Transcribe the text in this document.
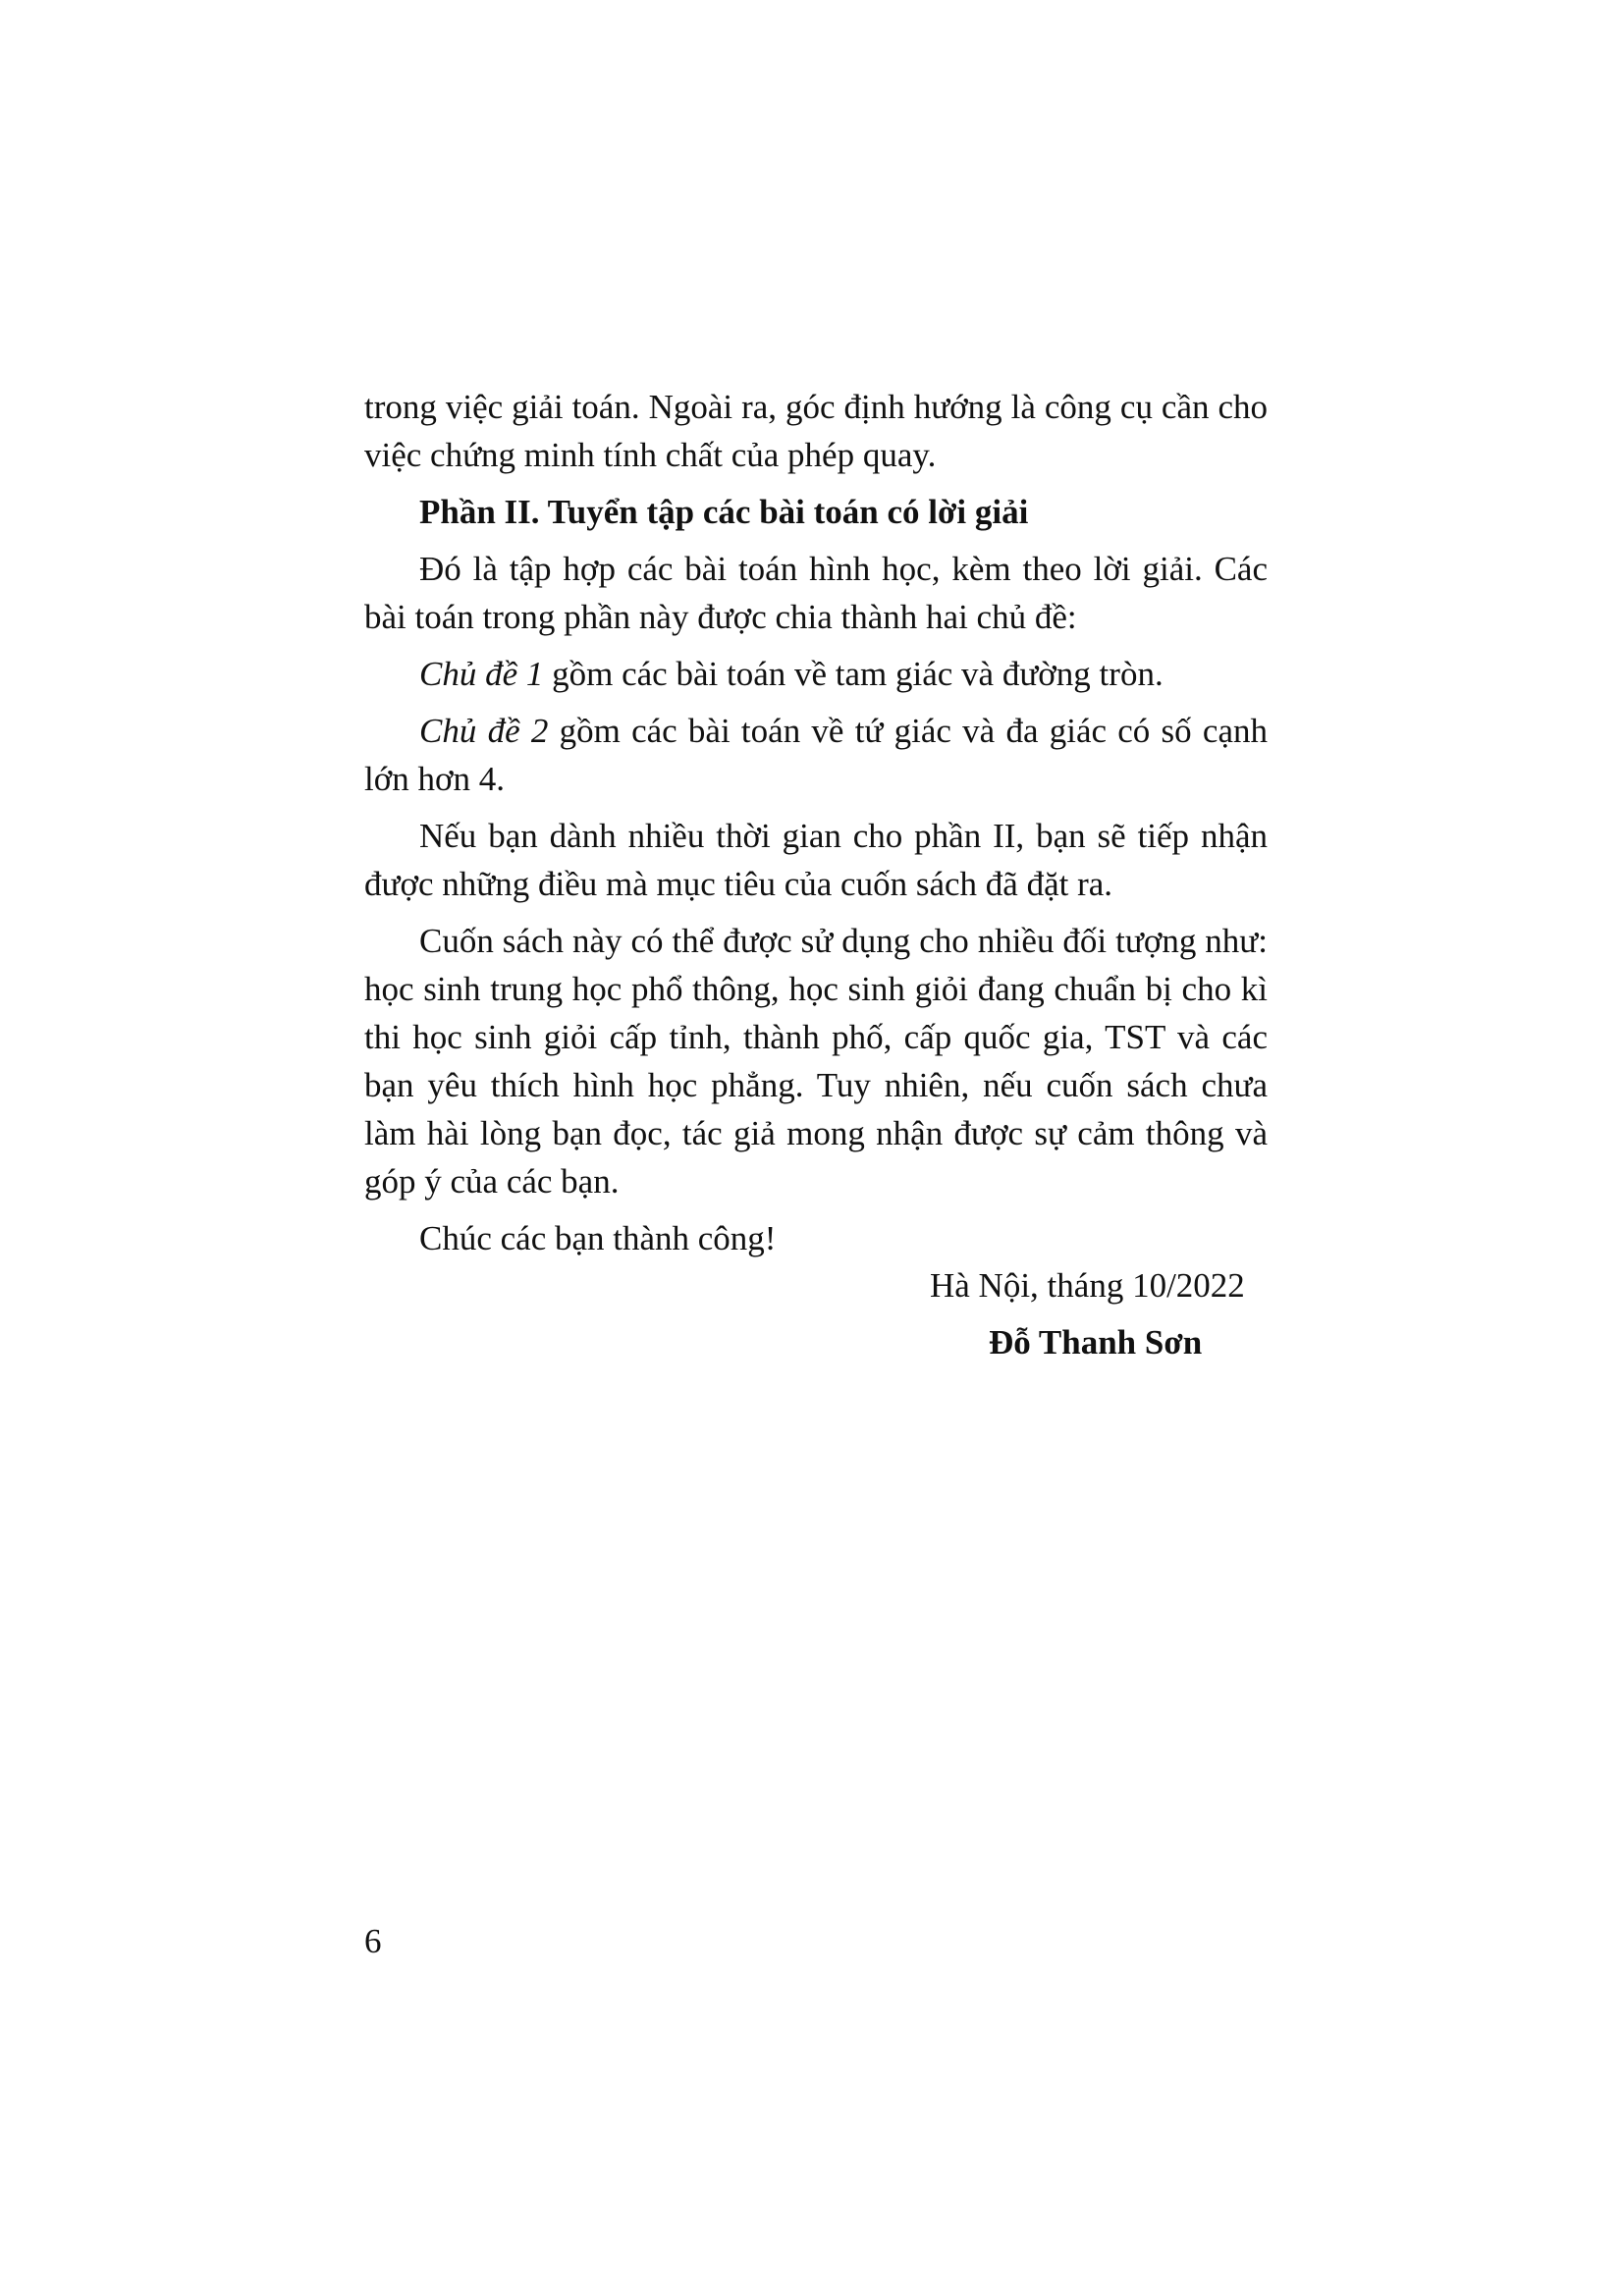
trong việc giải toán. Ngoài ra, góc định hướng là công cụ cần cho việc chứng minh tính chất của phép quay.

Phần II. Tuyển tập các bài toán có lời giải

Đó là tập hợp các bài toán hình học, kèm theo lời giải. Các bài toán trong phần này được chia thành hai chủ đề:

Chủ đề 1 gồm các bài toán về tam giác và đường tròn.

Chủ đề 2 gồm các bài toán về tứ giác và đa giác có số cạnh lớn hơn 4.

Nếu bạn dành nhiều thời gian cho phần II, bạn sẽ tiếp nhận được những điều mà mục tiêu của cuốn sách đã đặt ra.

Cuốn sách này có thể được sử dụng cho nhiều đối tượng như: học sinh trung học phổ thông, học sinh giỏi đang chuẩn bị cho kì thi học sinh giỏi cấp tỉnh, thành phố, cấp quốc gia, TST và các bạn yêu thích hình học phẳng. Tuy nhiên, nếu cuốn sách chưa làm hài lòng bạn đọc, tác giả mong nhận được sự cảm thông và góp ý của các bạn.

Chúc các bạn thành công!

Hà Nội, tháng 10/2022
Đỗ Thanh Sơn
6
